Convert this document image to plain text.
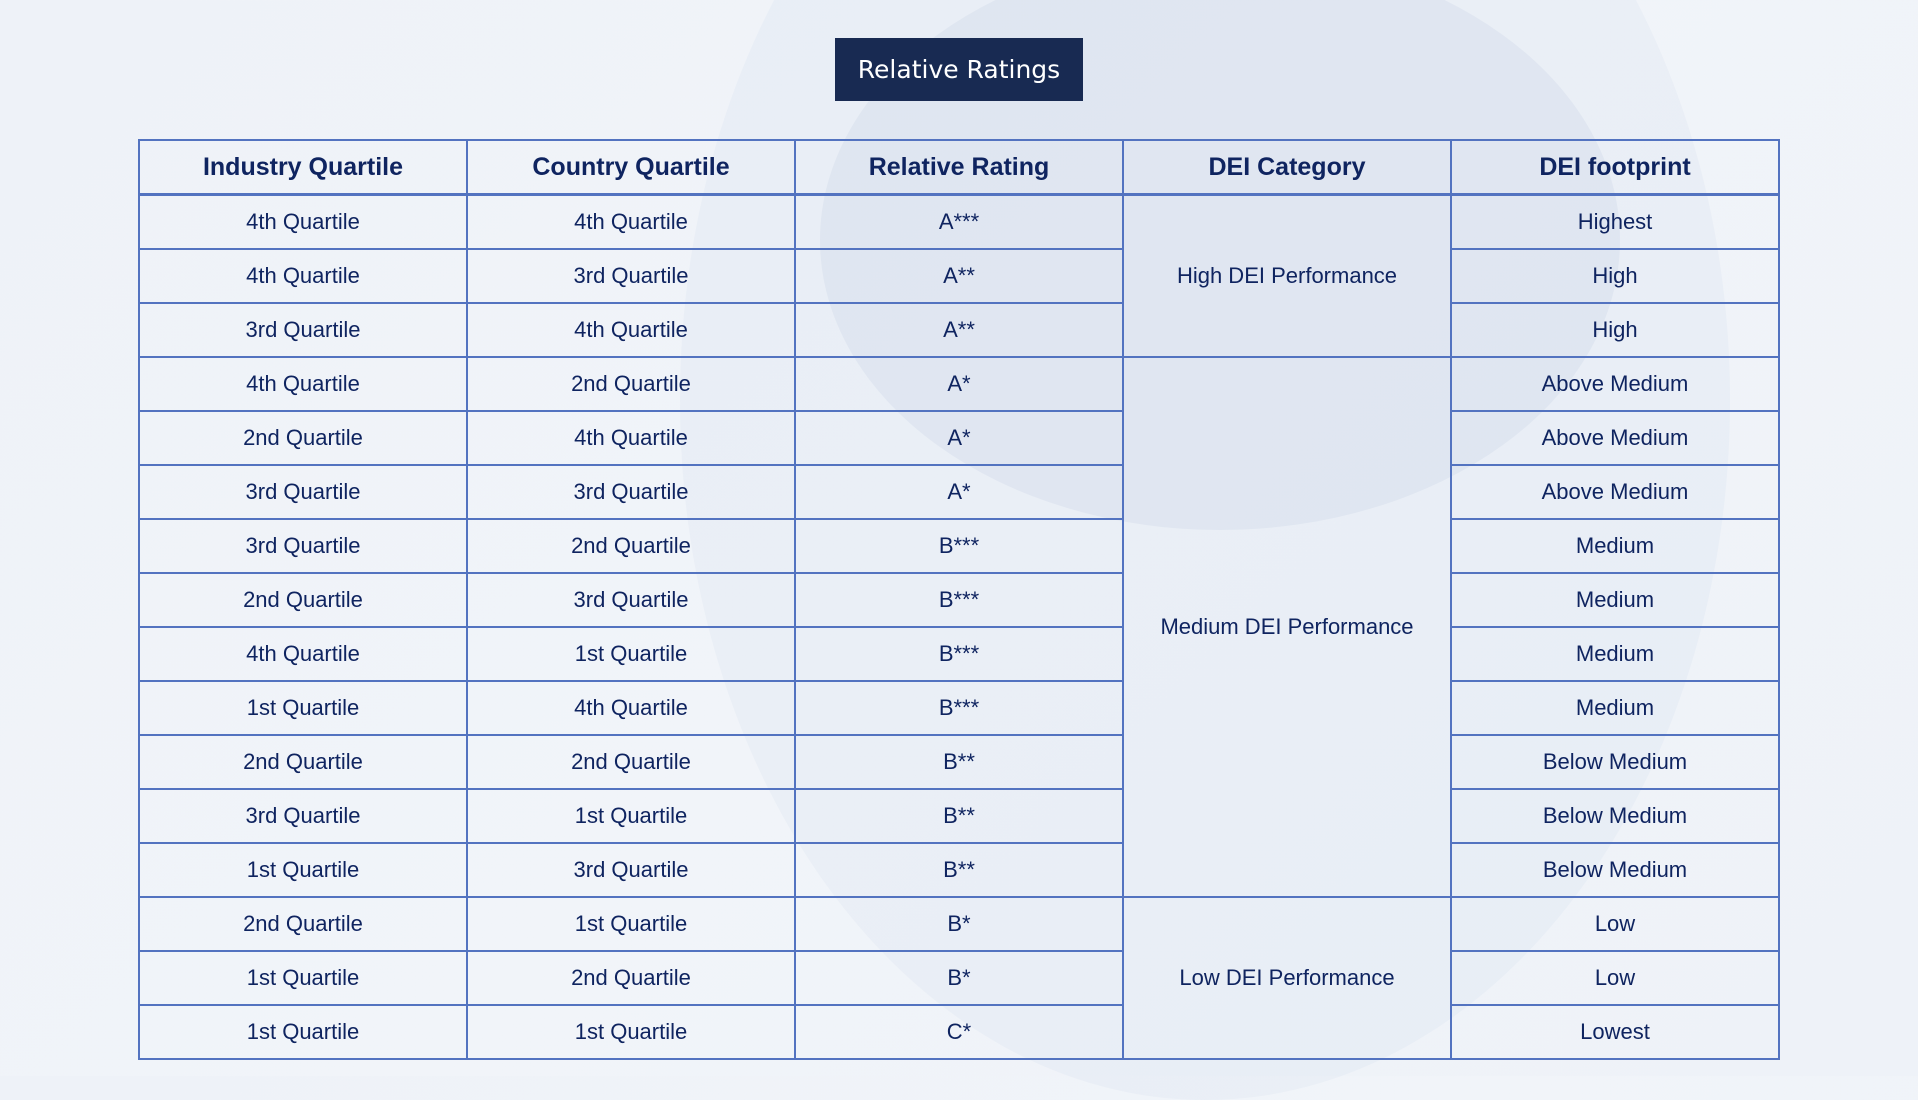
Relative Ratings
Industry Quartile	Country Quartile	Relative Rating	DEI Category	DEI footprint
4th Quartile	4th Quartile	A***	High DEI Performance	Highest
4th Quartile	3rd Quartile	A**		High
3rd Quartile	4th Quartile	A**		High
4th Quartile	2nd Quartile	A*	Medium DEI Performance	Above Medium
2nd Quartile	4th Quartile	A*		Above Medium
3rd Quartile	3rd Quartile	A*		Above Medium
3rd Quartile	2nd Quartile	B***		Medium
2nd Quartile	3rd Quartile	B***		Medium
4th Quartile	1st Quartile	B***		Medium
1st Quartile	4th Quartile	B***		Medium
2nd Quartile	2nd Quartile	B**		Below Medium
3rd Quartile	1st Quartile	B**		Below Medium
1st Quartile	3rd Quartile	B**		Below Medium
2nd Quartile	1st Quartile	B*	Low DEI Performance	Low
1st Quartile	2nd Quartile	B*		Low
1st Quartile	1st Quartile	C*		Lowest
